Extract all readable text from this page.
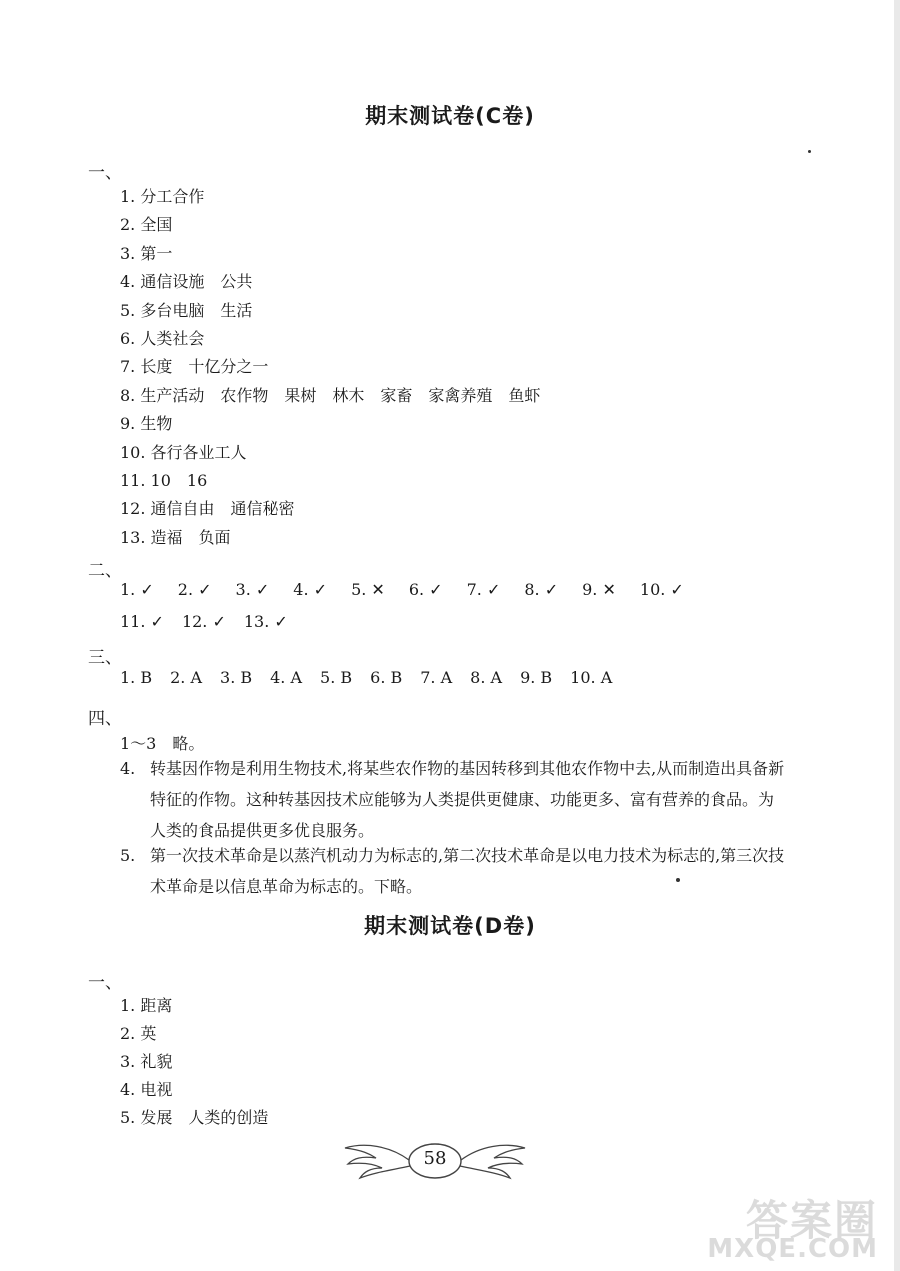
期末测试卷(C卷)
一、
1. 分工合作
2. 全国
3. 第一
4. 通信设施　公共
5. 多台电脑　生活
6. 人类社会
7. 长度　十亿分之一
8. 生产活动　农作物　果树　林木　家畜　家禽养殖　鱼虾
9. 生物
10. 各行各业工人
11. 10　16
12. 通信自由　通信秘密
13. 造福　负面
二、
1. ✓ 2. ✓ 3. ✓ 4. ✓ 5. ✕ 6. ✓ 7. ✓ 8. ✓ 9. ✕ 10. ✓
11. ✓ 12. ✓ 13. ✓
三、
1. B 2. A 3. B 4. A 5. B 6. B 7. A 8. A 9. B 10. A
四、
1～3　略。
4. 转基因作物是利用生物技术,将某些农作物的基因转移到其他农作物中去,从而制造出具备新特征的作物。这种转基因技术应能够为人类提供更健康、功能更多、富有营养的食品。为人类的食品提供更多优良服务。
5. 第一次技术革命是以蒸汽机动力为标志的,第二次技术革命是以电力技术为标志的,第三次技术革命是以信息革命为标志的。下略。
期末测试卷(D卷)
一、
1. 距离
2. 英
3. 礼貌
4. 电视
5. 发展　人类的创造
58
答案圈
MXQE.COM
